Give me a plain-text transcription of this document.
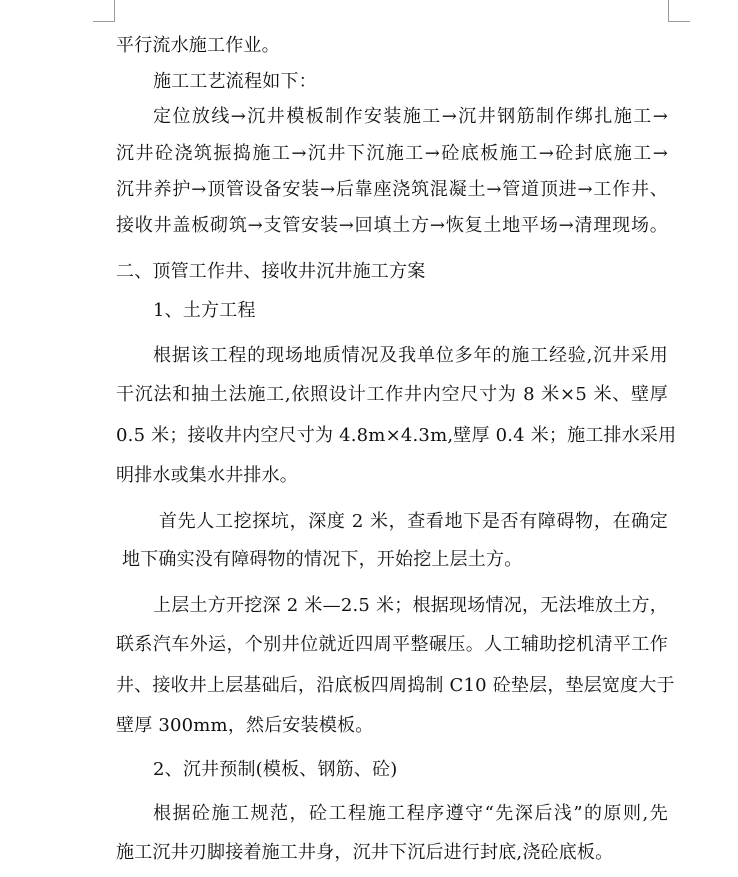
平行流水施工作业。
施工工艺流程如下：
定位放线→沉井模板制作安装施工→沉井钢筋制作绑扎施工→
沉井砼浇筑振捣施工→沉井下沉施工→砼底板施工→砼封底施工→
沉井养护→顶管设备安装→后靠座浇筑混凝土→管道顶进→工作井、
接收井盖板砌筑→支管安装→回填土方→恢复土地平场→清理现场。
二、顶管工作井、接收井沉井施工方案
1、土方工程
根据该工程的现场地质情况及我单位多年的施工经验,沉井采用
干沉法和抽土法施工,依照设计工作井内空尺寸为 8 米×5 米、壁厚
0.5 米；接收井内空尺寸为 4.8m×4.3m,壁厚 0.4 米；施工排水采用
明排水或集水井排水。
首先人工挖探坑，深度 2 米，查看地下是否有障碍物，在确定
地下确实没有障碍物的情况下，开始挖上层土方。
上层土方开挖深 2 米—2.5 米；根据现场情况，无法堆放土方，
联系汽车外运，个别井位就近四周平整碾压。人工辅助挖机清平工作
井、接收井上层基础后，沿底板四周捣制 C10 砼垫层，垫层宽度大于
壁厚 300mm，然后安装模板。
2、沉井预制(模板、钢筋、砼)
根据砼施工规范，砼工程施工程序遵守“先深后浅”的原则,先
施工沉井刃脚接着施工井身，沉井下沉后进行封底,浇砼底板。
